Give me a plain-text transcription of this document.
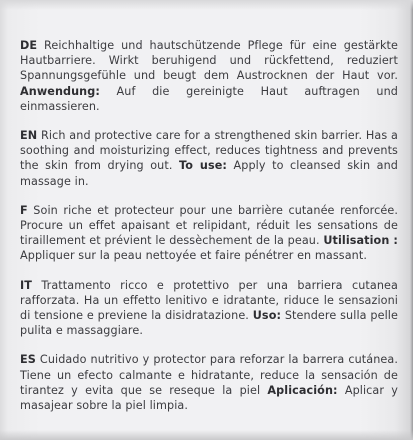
DE Reichhaltige und hautschützende Pflege für eine gestärkte Hautbarriere. Wirkt beruhigend und rückfettend, reduziert Spannungsgefühle und beugt dem Austrocknen der Haut vor. Anwendung: Auf die gereinigte Haut auftragen und einmassieren.

EN Rich and protective care for a strengthened skin barrier. Has a soothing and moisturizing effect, reduces tightness and prevents the skin from drying out. To use: Apply to cleansed skin and massage in.

F Soin riche et protecteur pour une barrière cutanée renforcée. Procure un effet apaisant et relipidant, réduit les sensations de tiraillement et prévient le dessèchement de la peau. Utilisation : Appliquer sur la peau nettoyée et faire pénétrer en massant.

IT Trattamento ricco e protettivo per una barriera cutanea rafforzata. Ha un effetto lenitivo e idratante, riduce le sensazioni di tensione e previene la disidratazione. Uso: Stendere sulla pelle pulita e massaggiare.

ES Cuidado nutritivo y protector para reforzar la barrera cutánea. Tiene un efecto calmante e hidratante, reduce la sensación de tirantez y evita que se reseque la piel Aplicación: Aplicar y masajear sobre la piel limpia.
